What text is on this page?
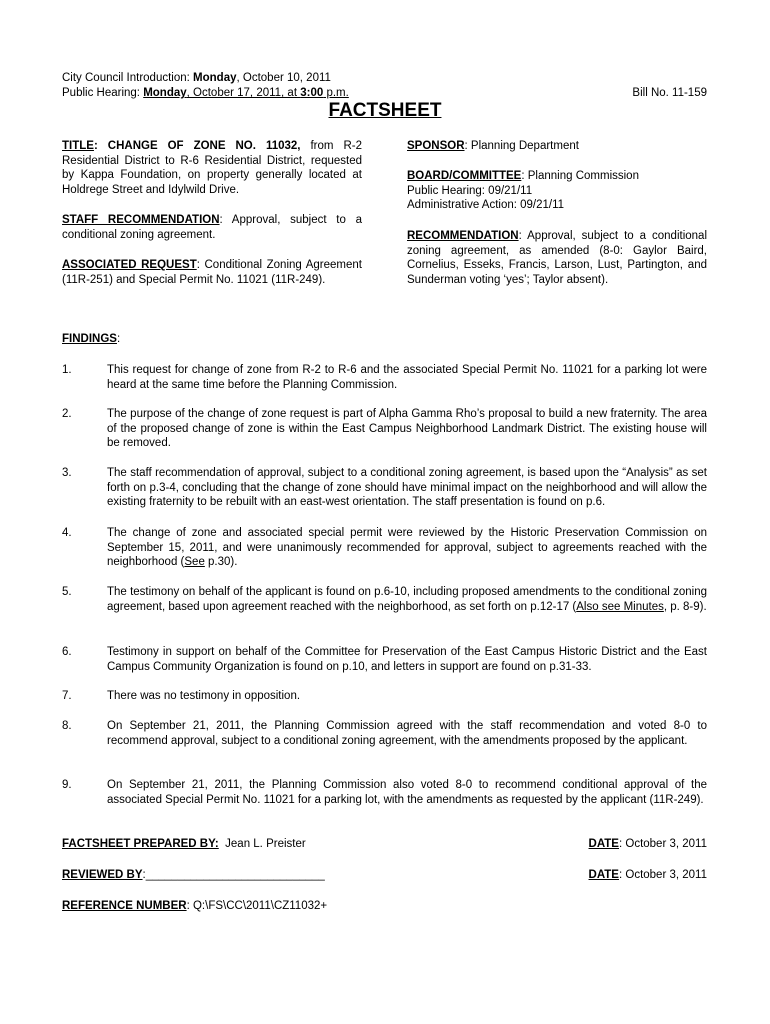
City Council Introduction: Monday, October 10, 2011
Public Hearing: Monday, October 17, 2011, at 3:00 p.m.	Bill No. 11-159
FACTSHEET
TITLE: CHANGE OF ZONE NO. 11032, from R-2 Residential District to R-6 Residential District, requested by Kappa Foundation, on property generally located at Holdrege Street and Idylwild Drive.
STAFF RECOMMENDATION: Approval, subject to a conditional zoning agreement.
ASSOCIATED REQUEST: Conditional Zoning Agreement (11R-251) and Special Permit No. 11021 (11R-249).
SPONSOR: Planning Department
BOARD/COMMITTEE: Planning Commission
Public Hearing: 09/21/11
Administrative Action: 09/21/11
RECOMMENDATION: Approval, subject to a conditional zoning agreement, as amended (8-0: Gaylor Baird, Cornelius, Esseks, Francis, Larson, Lust, Partington, and Sunderman voting ‘yes’; Taylor absent).
FINDINGS:
1.	This request for change of zone from R-2 to R-6 and the associated Special Permit No. 11021 for a parking lot were heard at the same time before the Planning Commission.
2.	The purpose of the change of zone request is part of Alpha Gamma Rho’s proposal to build a new fraternity. The area of the proposed change of zone is within the East Campus Neighborhood Landmark District. The existing house will be removed.
3.	The staff recommendation of approval, subject to a conditional zoning agreement, is based upon the “Analysis” as set forth on p.3-4, concluding that the change of zone should have minimal impact on the neighborhood and will allow the existing fraternity to be rebuilt with an east-west orientation. The staff presentation is found on p.6.
4.	The change of zone and associated special permit were reviewed by the Historic Preservation Commission on September 15, 2011, and were unanimously recommended for approval, subject to agreements reached with the neighborhood (See p.30).
5.	The testimony on behalf of the applicant is found on p.6-10, including proposed amendments to the conditional zoning agreement, based upon agreement reached with the neighborhood, as set forth on p.12-17 (Also see Minutes, p. 8-9).
6.	Testimony in support on behalf of the Committee for Preservation of the East Campus Historic District and the East Campus Community Organization is found on p.10, and letters in support are found on p.31-33.
7.	There was no testimony in opposition.
8.	On September 21, 2011, the Planning Commission agreed with the staff recommendation and voted 8-0 to recommend approval, subject to a conditional zoning agreement, with the amendments proposed by the applicant.
9.	On September 21, 2011, the Planning Commission also voted 8-0 to recommend conditional approval of the associated Special Permit No. 11021 for a parking lot, with the amendments as requested by the applicant (11R-249).
FACTSHEET PREPARED BY:  Jean L. Preister	DATE: October 3, 2011
REVIEWED BY:____________________________	DATE: October 3, 2011
REFERENCE NUMBER: Q:\FS\CC\2011\CZ11032+
